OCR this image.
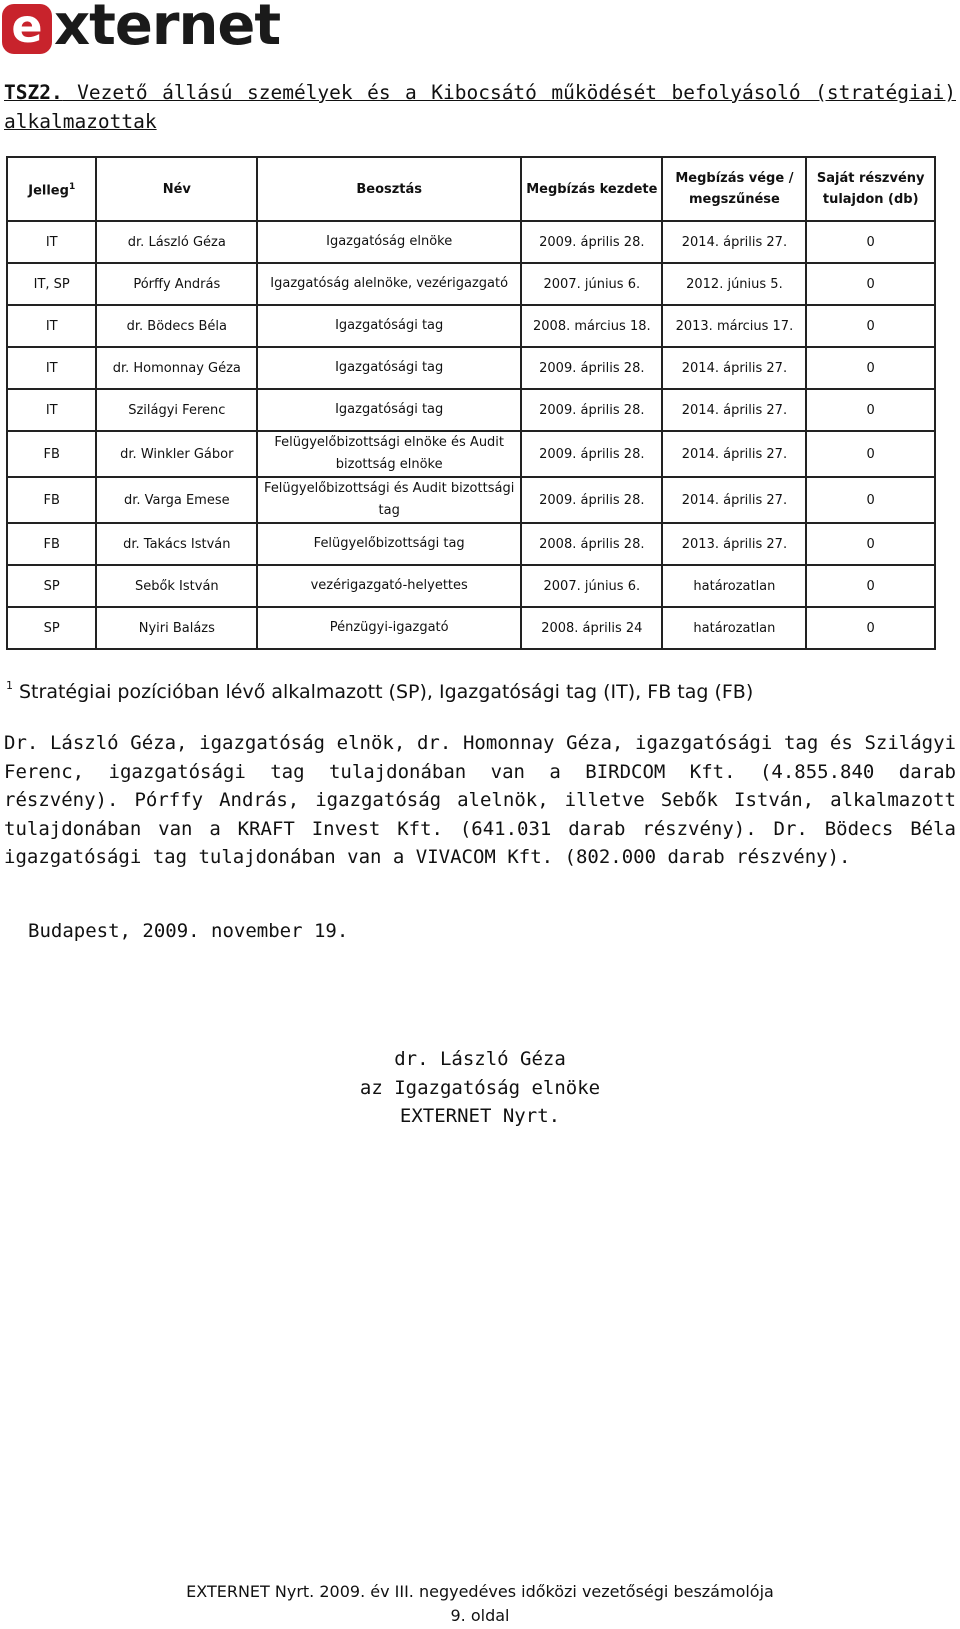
e xternet
TSZ2. Vezető állású személyek és a Kibocsátó működését befolyásoló (stratégiai) alkalmazottak
Jelleg$^1$	Név	Beosztás	Megbízás kezdete	Megbízás vége / megszűnése	Saját részvény tulajdon (db)
IT	dr. László Géza	Igazgatóság elnöke	2009. április 28.	2014. április 27.	0
IT, SP	Pórffy András	Igazgatóság alelnöke, vezérigazgató	2007. június 6.	2012. június 5.	0
IT	dr. Bödecs Béla	Igazgatósági tag	2008. március 18.	2013. március 17.	0
IT	dr. Homonnay Géza	Igazgatósági tag	2009. április 28.	2014. április 27.	0
IT	Szilágyi Ferenc	Igazgatósági tag	2009. április 28.	2014. április 27.	0
FB	dr. Winkler Gábor	Felügyelőbizottsági elnöke és Audit bizottság elnöke	2009. április 28.	2014. április 27.	0
FB	dr. Varga Emese	Felügyelőbizottsági és Audit bizottsági tag	2009. április 28.	2014. április 27.	0
FB	dr. Takács István	Felügyelőbizottsági tag	2008. április 28.	2013. április 27.	0
SP	Sebők István	vezérigazgató-helyettes	2007. június 6.	határozatlan	0
SP	Nyiri Balázs	Pénzügyi-igazgató	2008. április 24	határozatlan	0
$^1$ Stratégiai pozícióban lévő alkalmazott (SP), Igazgatósági tag (IT), FB tag (FB)
Dr. László Géza, igazgatóság elnök, dr. Homonnay Géza, igazgatósági tag és Szilágyi Ferenc, igazgatósági tag tulajdonában van a BIRDCOM Kft. (4.855.840 darab részvény). Pórffy András, igazgatóság alelnök, illetve Sebők István, alkalmazott tulajdonában van a KRAFT Invest Kft. (641.031 darab részvény). Dr. Bödecs Béla igazgatósági tag tulajdonában van a VIVACOM Kft. (802.000 darab részvény).
Budapest, 2009. november 19.
dr. László Géza
az Igazgatóság elnöke
EXTERNET Nyrt.
EXTERNET Nyrt. 2009. év III. negyedéves időközi vezetőségi beszámolója
9. oldal
